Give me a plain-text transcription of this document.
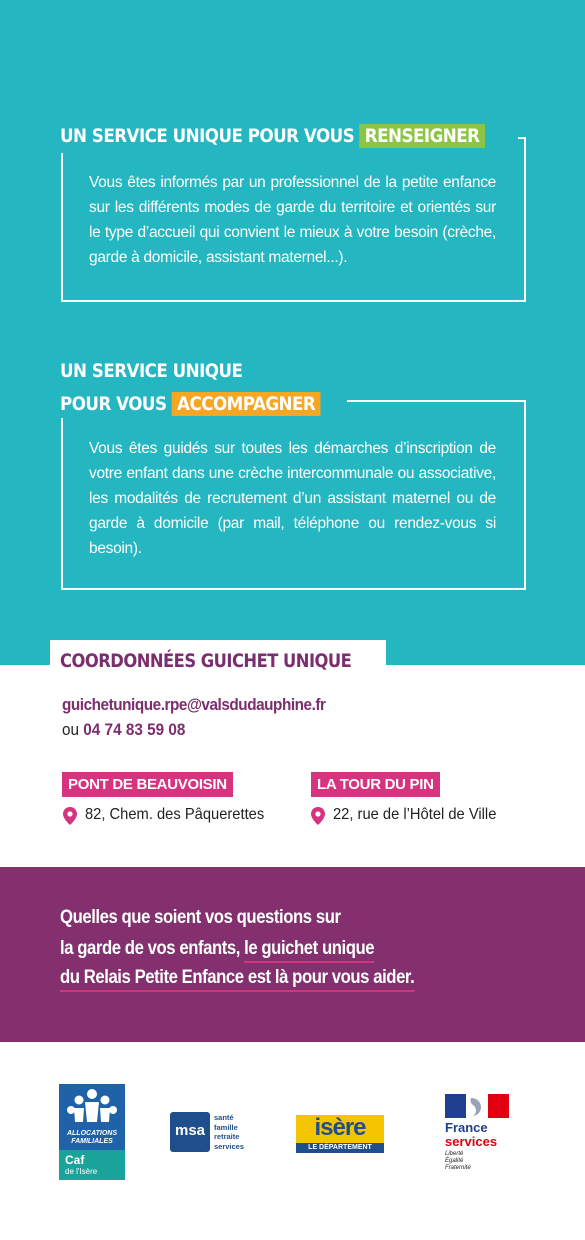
UN SERVICE UNIQUE POUR VOUS RENSEIGNER

Vous êtes informés par un professionnel de la petite enfance sur les différents modes de garde du territoire et orientés sur le type d’accueil qui convient le mieux à votre besoin (crèche, garde à domicile, assistant maternel...).

UN SERVICE UNIQUE
POUR VOUS ACCOMPAGNER

Vous êtes guidés sur toutes les démarches d’inscription de votre enfant dans une crèche intercommunale ou associative, les modalités de recrutement d’un assistant maternel ou de garde à domicile (par mail, téléphone ou rendez-vous si besoin).

COORDONNÉES GUICHET UNIQUE
guichetunique.rpe@valsdudauphine.fr
ou 04 74 83 59 08
PONT DE BEAUVOISIN
82, Chem. des Pâquerettes
LA TOUR DU PIN
22, rue de l’Hôtel de Ville
Quelles que soient vos questions sur
la garde de vos enfants, le guichet unique
du Relais Petite Enfance est là pour vous aider.
ALLOCATIONS
FAMILIALES
Caf
de l'Isère
msa
santé
famille
retraite
services
isère
LE DÉPARTEMENT
France
services
Liberté
Égalité
Fraternité
